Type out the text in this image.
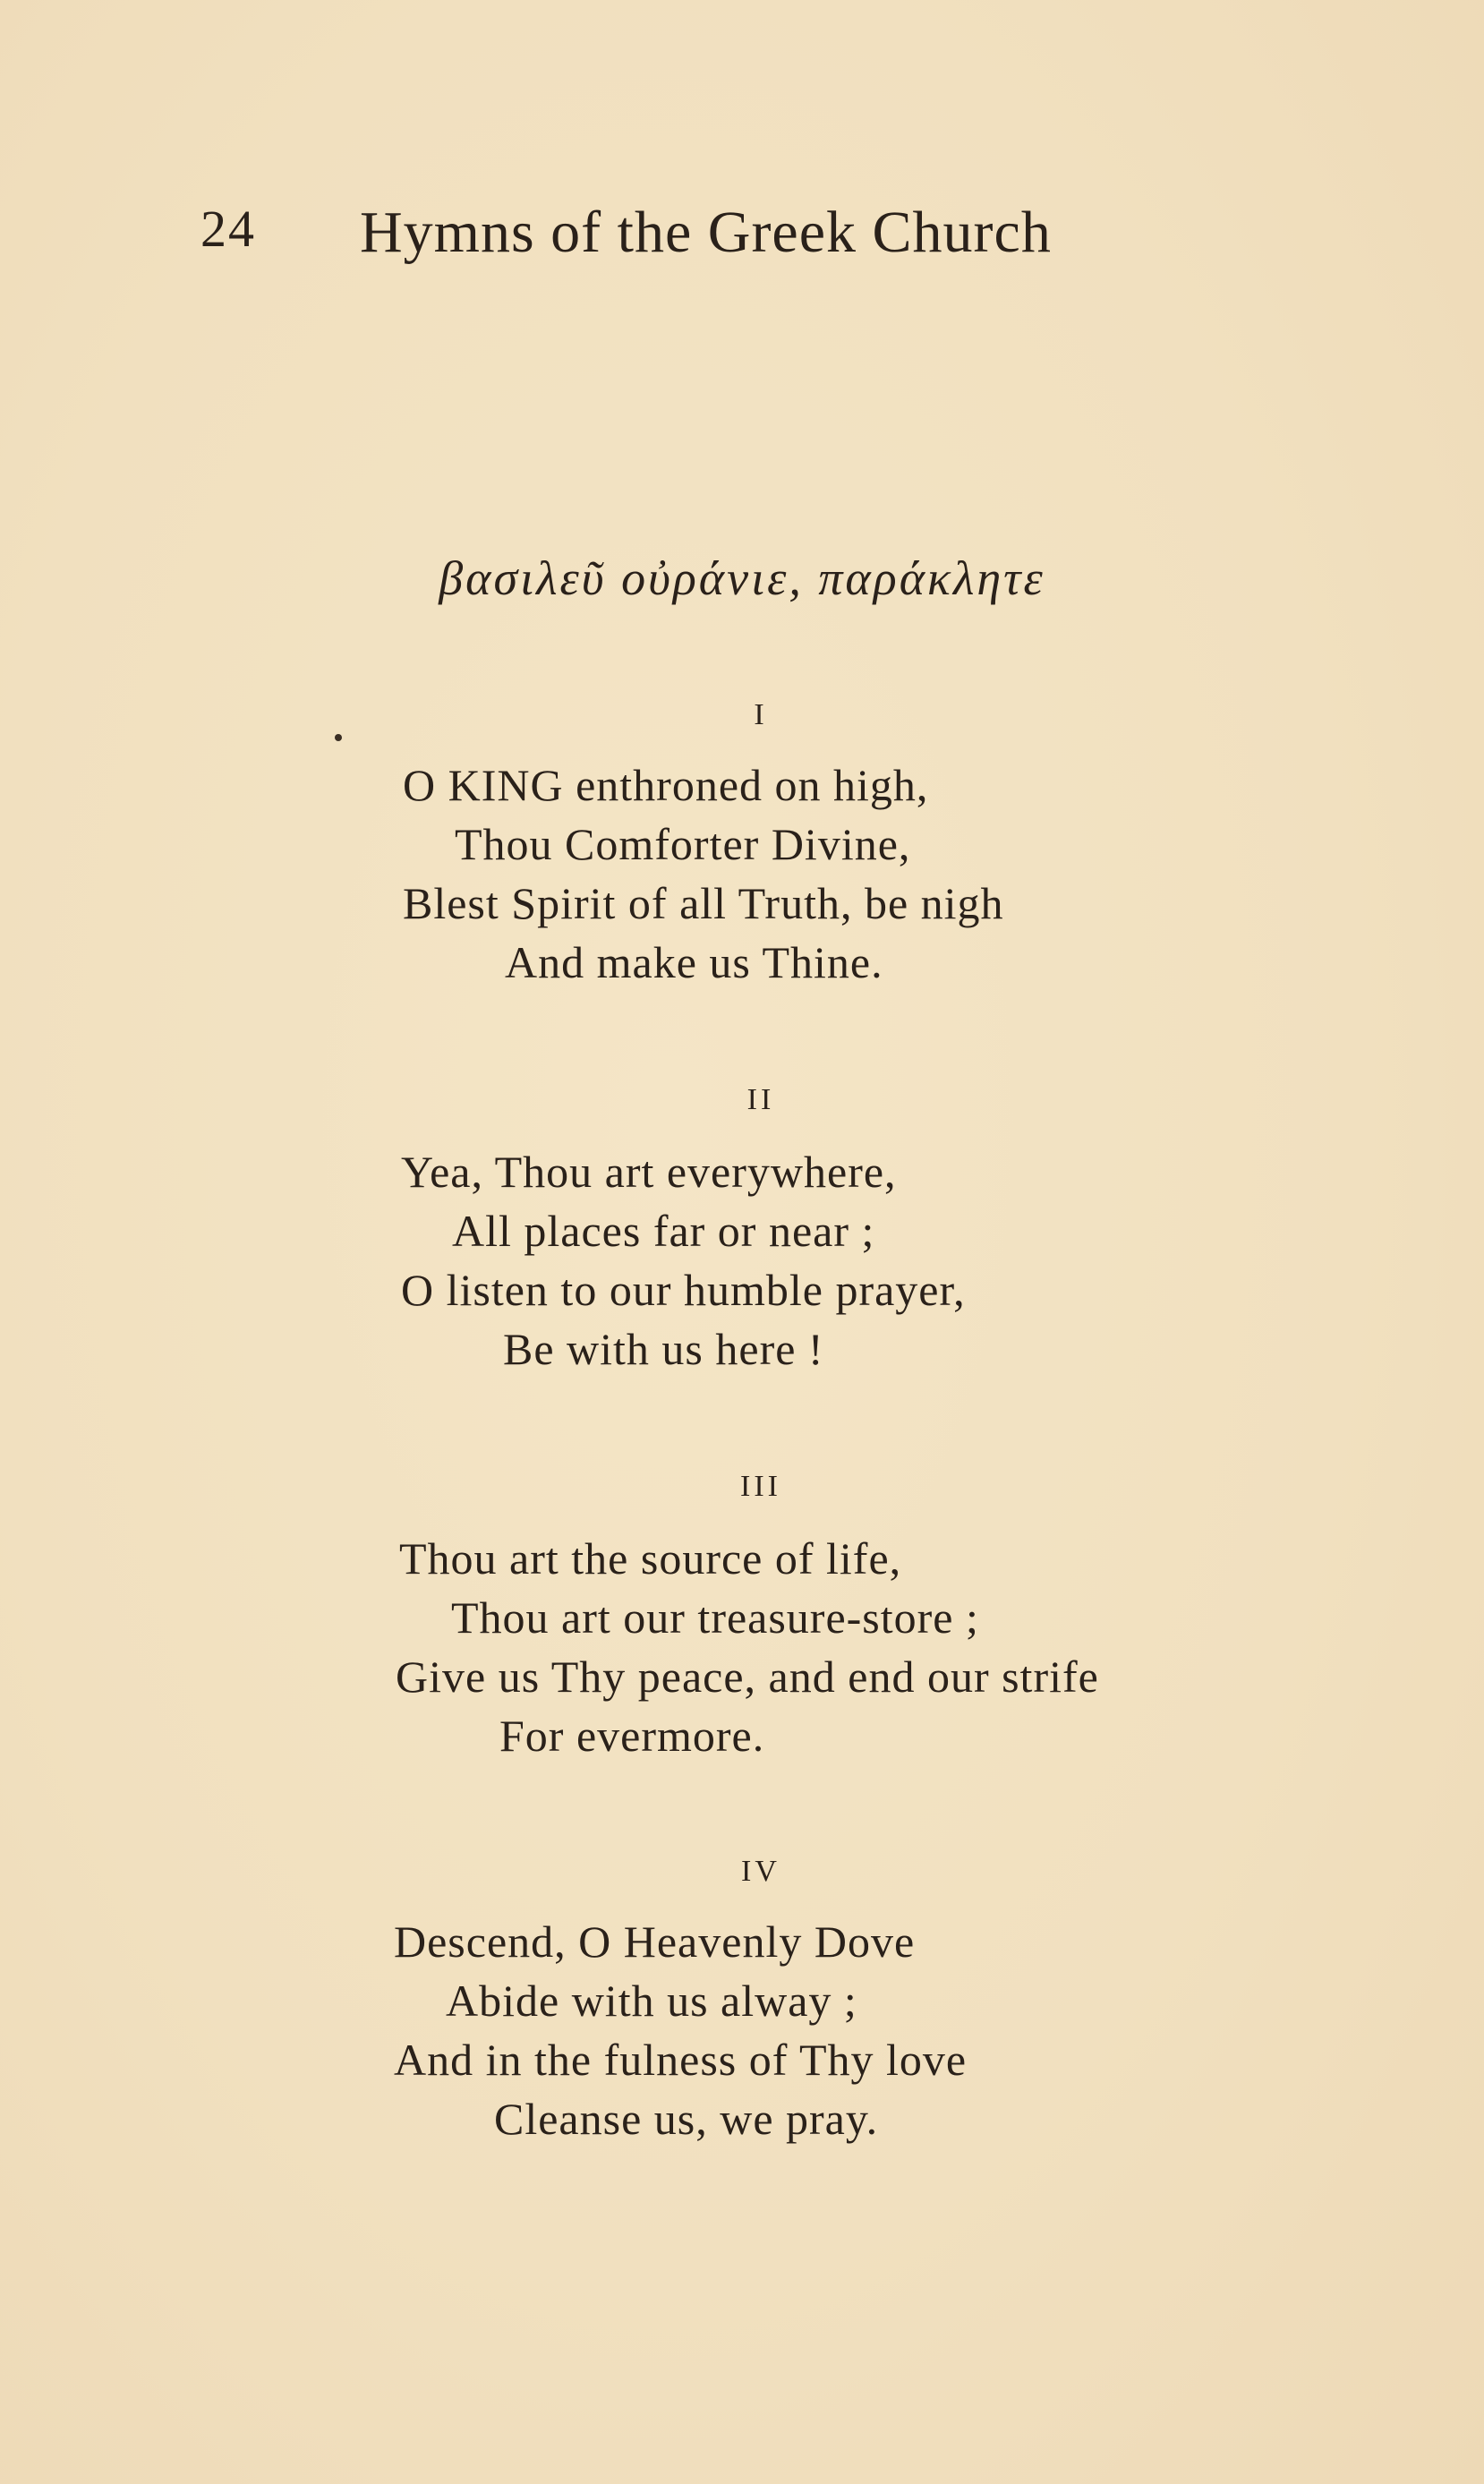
24 Hymns of the Greek Church
βασιλεῦ οὐράνιε, παράκλητε
I
O KING enthroned on high,
Thou Comforter Divine,
Blest Spirit of all Truth, be nigh
And make us Thine.
II
Yea, Thou art everywhere,
All places far or near ;
O listen to our humble prayer,
Be with us here !
III
Thou art the source of life,
Thou art our treasure-store ;
Give us Thy peace, and end our strife
For evermore.
IV
Descend, O Heavenly Dove
Abide with us alway ;
And in the fulness of Thy love
Cleanse us, we pray.
